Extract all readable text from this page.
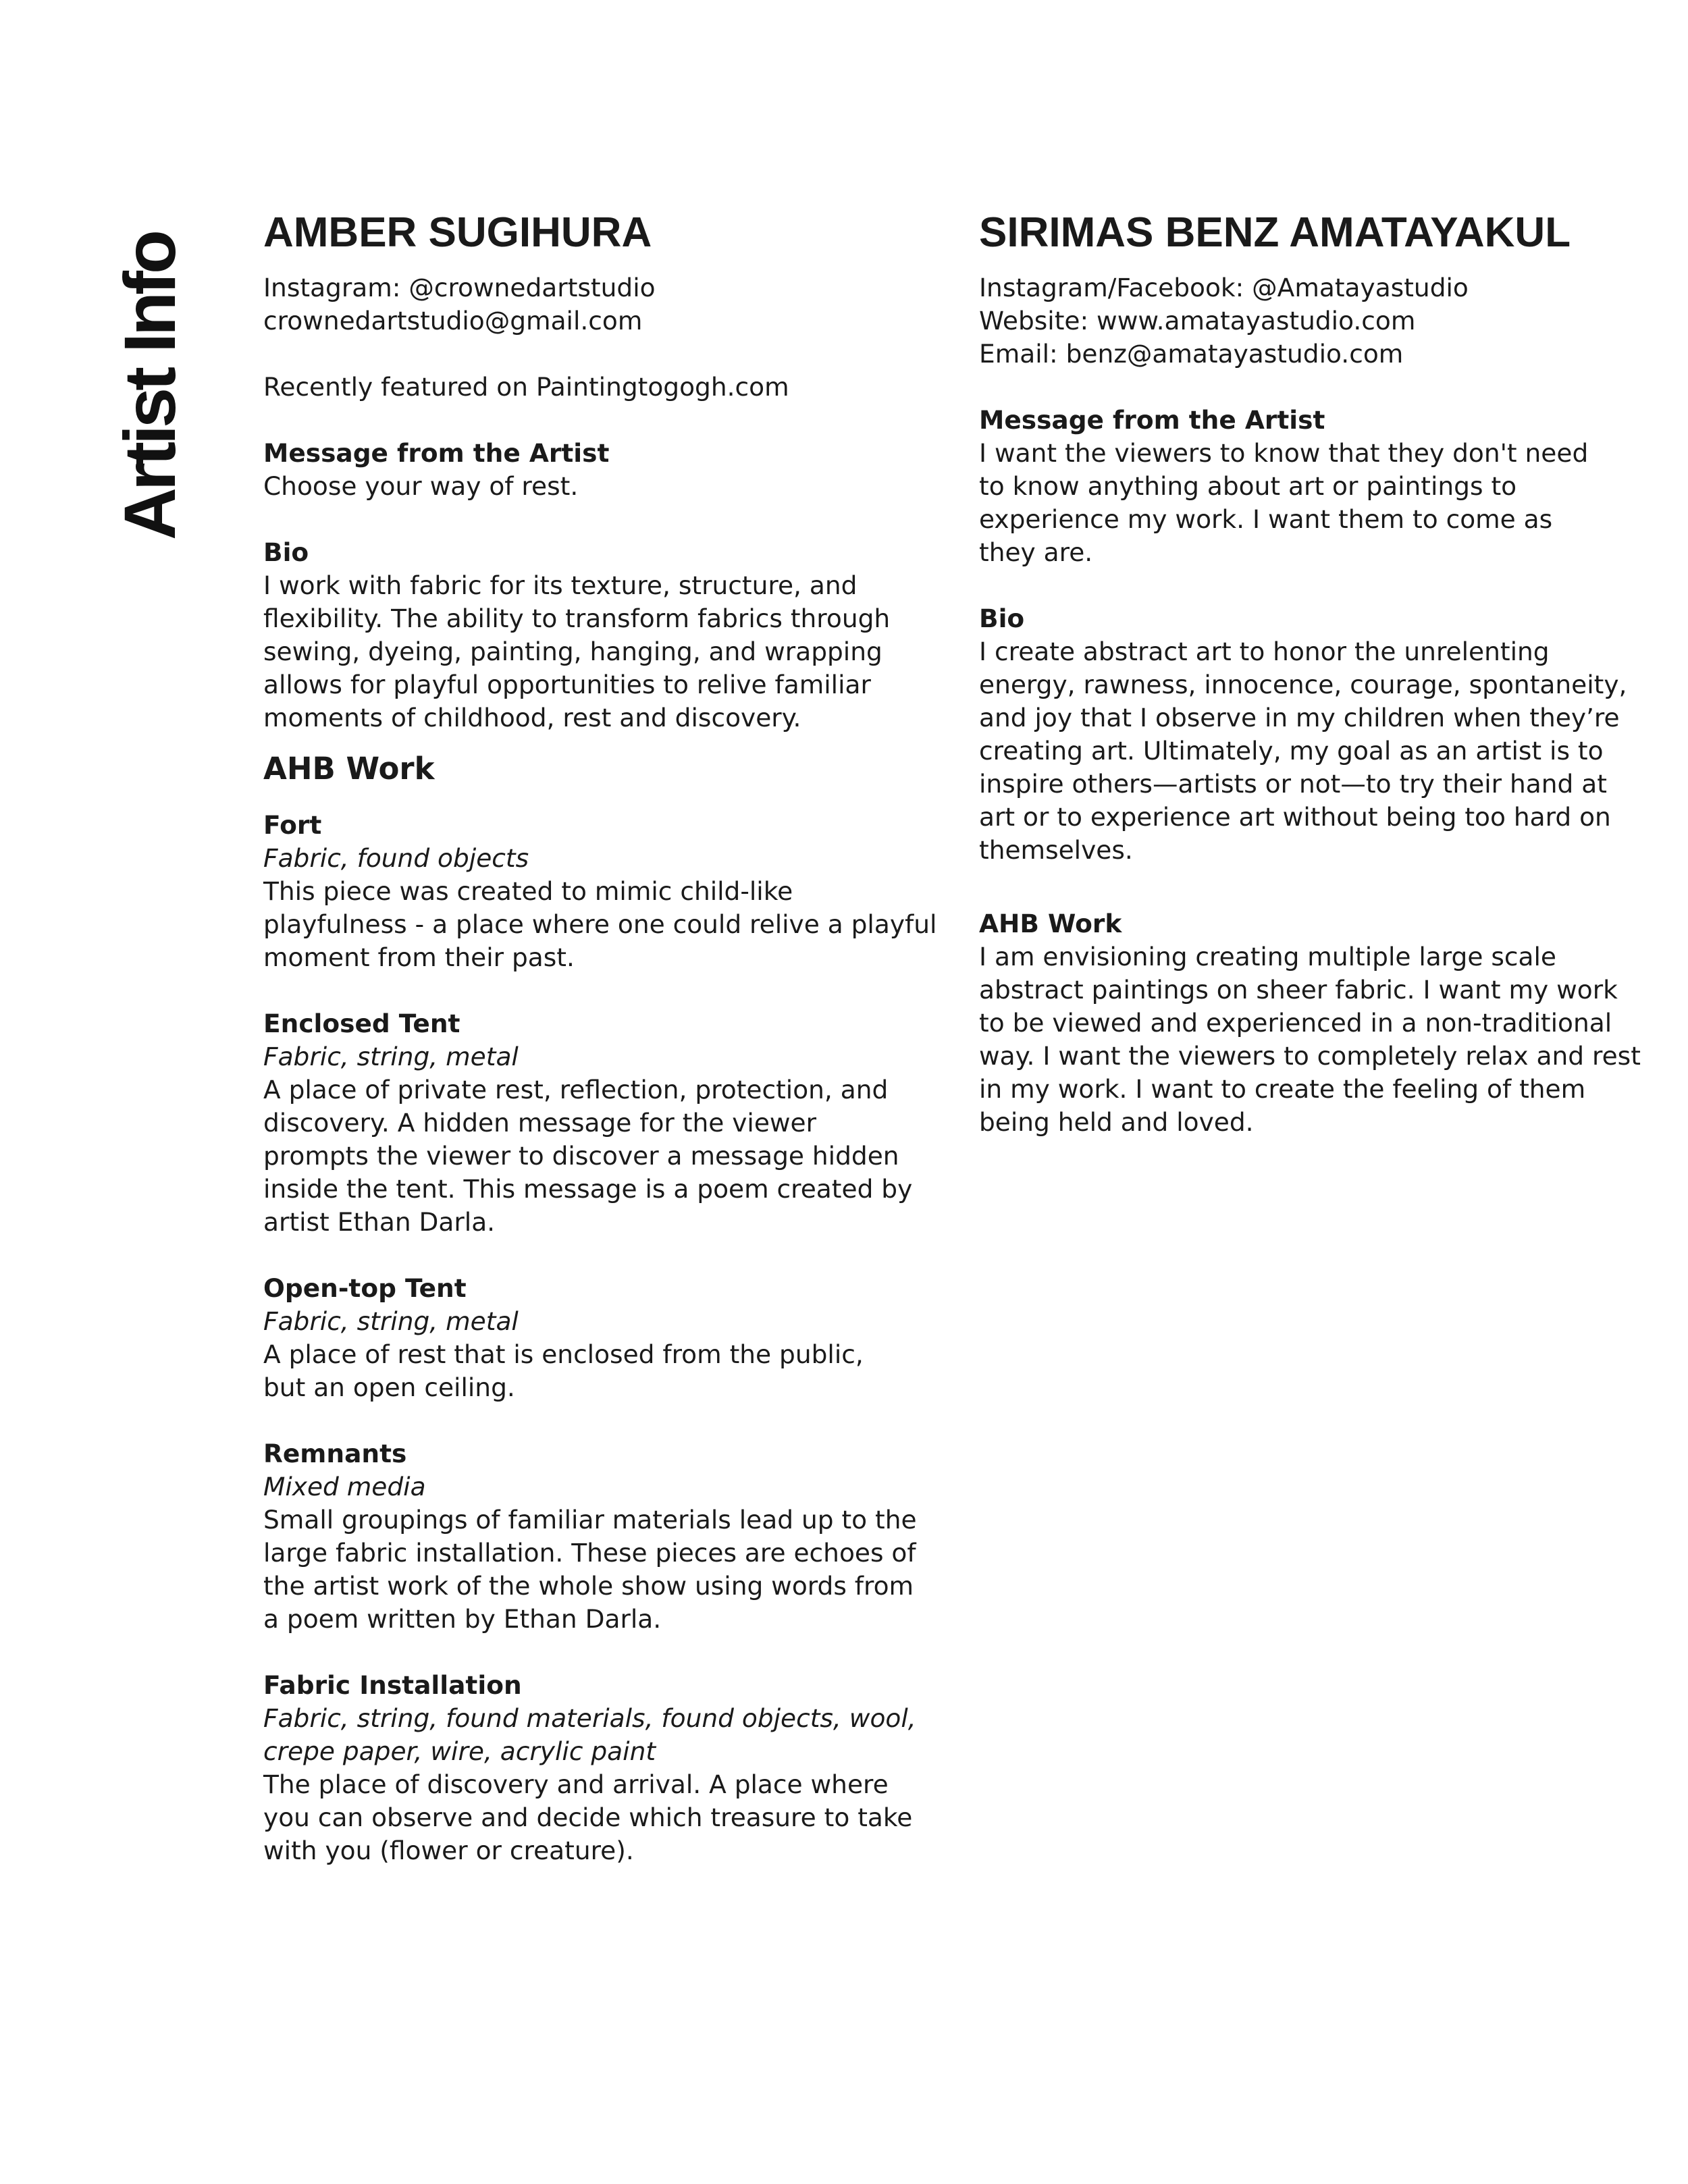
Artist Info
AMBER SUGIHURA
Instagram: @crownedartstudio
crownedartstudio@gmail.com
Recently featured on Paintingtogogh.com
Message from the Artist
Choose your way of rest.
Bio
I work with fabric for its texture, structure, and
flexibility. The ability to transform fabrics through
sewing, dyeing, painting, hanging, and wrapping
allows for playful opportunities to relive familiar
moments of childhood, rest and discovery.
AHB Work
Fort
Fabric, found objects
This piece was created to mimic child-like
playfulness - a place where one could relive a playful
moment from their past.
Enclosed Tent
Fabric, string, metal
A place of private rest, reflection, protection, and
discovery. A hidden message for the viewer
prompts the viewer to discover a message hidden
inside the tent. This message is a poem created by
artist Ethan Darla.
Open-top Tent
Fabric, string, metal
A place of rest that is enclosed from the public,
but an open ceiling.
Remnants
Mixed media
Small groupings of familiar materials lead up to the
large fabric installation. These pieces are echoes of
the artist work of the whole show using words from
a poem written by Ethan Darla.
Fabric Installation
Fabric, string, found materials, found objects, wool,
crepe paper, wire, acrylic paint
The place of discovery and arrival. A place where
you can observe and decide which treasure to take
with you (flower or creature).
SIRIMAS BENZ AMATAYAKUL
Instagram/Facebook: @Amatayastudio
Website: www.amatayastudio.com
Email: benz@amatayastudio.com
Message from the Artist
I want the viewers to know that they don't need
to know anything about art or paintings to
experience my work. I want them to come as
they are.
Bio
I create abstract art to honor the unrelenting
energy, rawness, innocence, courage, spontaneity,
and joy that I observe in my children when they’re
creating art. Ultimately, my goal as an artist is to
inspire others—artists or not—to try their hand at
art or to experience art without being too hard on
themselves.
AHB Work
I am envisioning creating multiple large scale
abstract paintings on sheer fabric. I want my work
to be viewed and experienced in a non-traditional
way. I want the viewers to completely relax and rest
in my work. I want to create the feeling of them
being held and loved.
